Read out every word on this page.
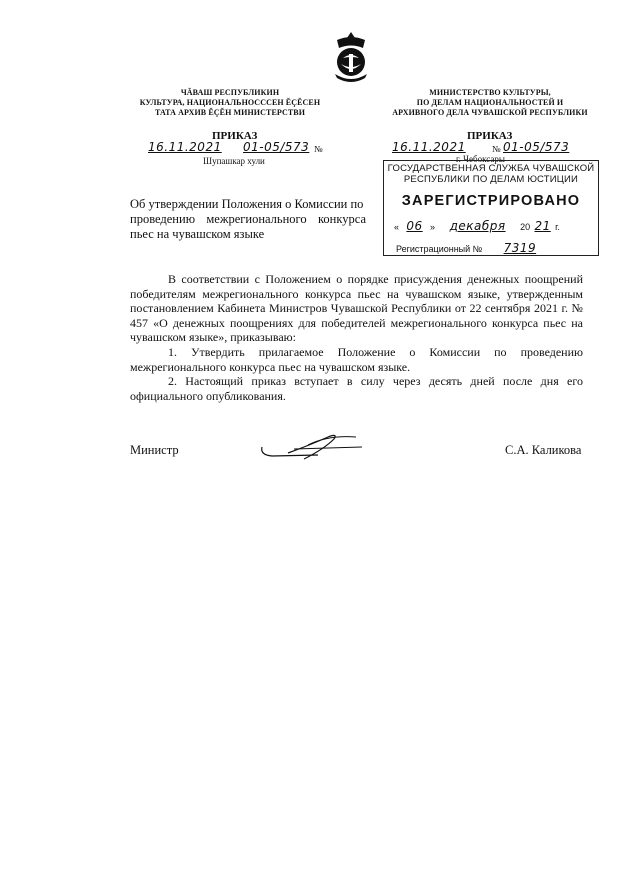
ЧĂВАШ РЕСПУБЛИКИН
КУЛЬТУРА, НАЦИОНАЛЬНОСССЕН ĔÇĔСЕН
ТАТА АРХИВ ĔÇĔН МИНИСТЕРСТВИ
ПРИКАЗ
16.11.2021 01-05/573 №
Шупашкар хули
МИНИСТЕРСТВО КУЛЬТУРЫ,
ПО ДЕЛАМ НАЦИОНАЛЬНОСТЕЙ И
АРХИВНОГО ДЕЛА ЧУВАШСКОЙ РЕСПУБЛИКИ
ПРИКАЗ
16.11.2021	№ 01-05/573
г. Чебоксары
ГОСУДАРСТВЕННАЯ СЛУЖБА ЧУВАШСКОЙ
РЕСПУБЛИКИ ПО ДЕЛАМ ЮСТИЦИИ
ЗАРЕГИСТРИРОВАНО
« 06 » декабря 20 21 г.
Регистрационный № 7319
Об утверждении Положения о Комиссии по
проведению межрегионального конкурса
пьес на чувашском языке

В соответствии с Положением о порядке присуждения денежных поощрений победителям межрегионального конкурса пьес на чувашском языке, утвержденным постановлением Кабинета Министров Чувашской Республики от 22 сентября 2021 г. № 457 «О денежных поощрениях для победителей межрегионального конкурса пьес на чувашском языке», приказываю:

1. Утвердить прилагаемое Положение о Комиссии по проведению межрегионального конкурса пьес на чувашском языке.

2. Настоящий приказ вступает в силу через десять дней после дня его официального опубликования.

Министр	С.А. Каликова
